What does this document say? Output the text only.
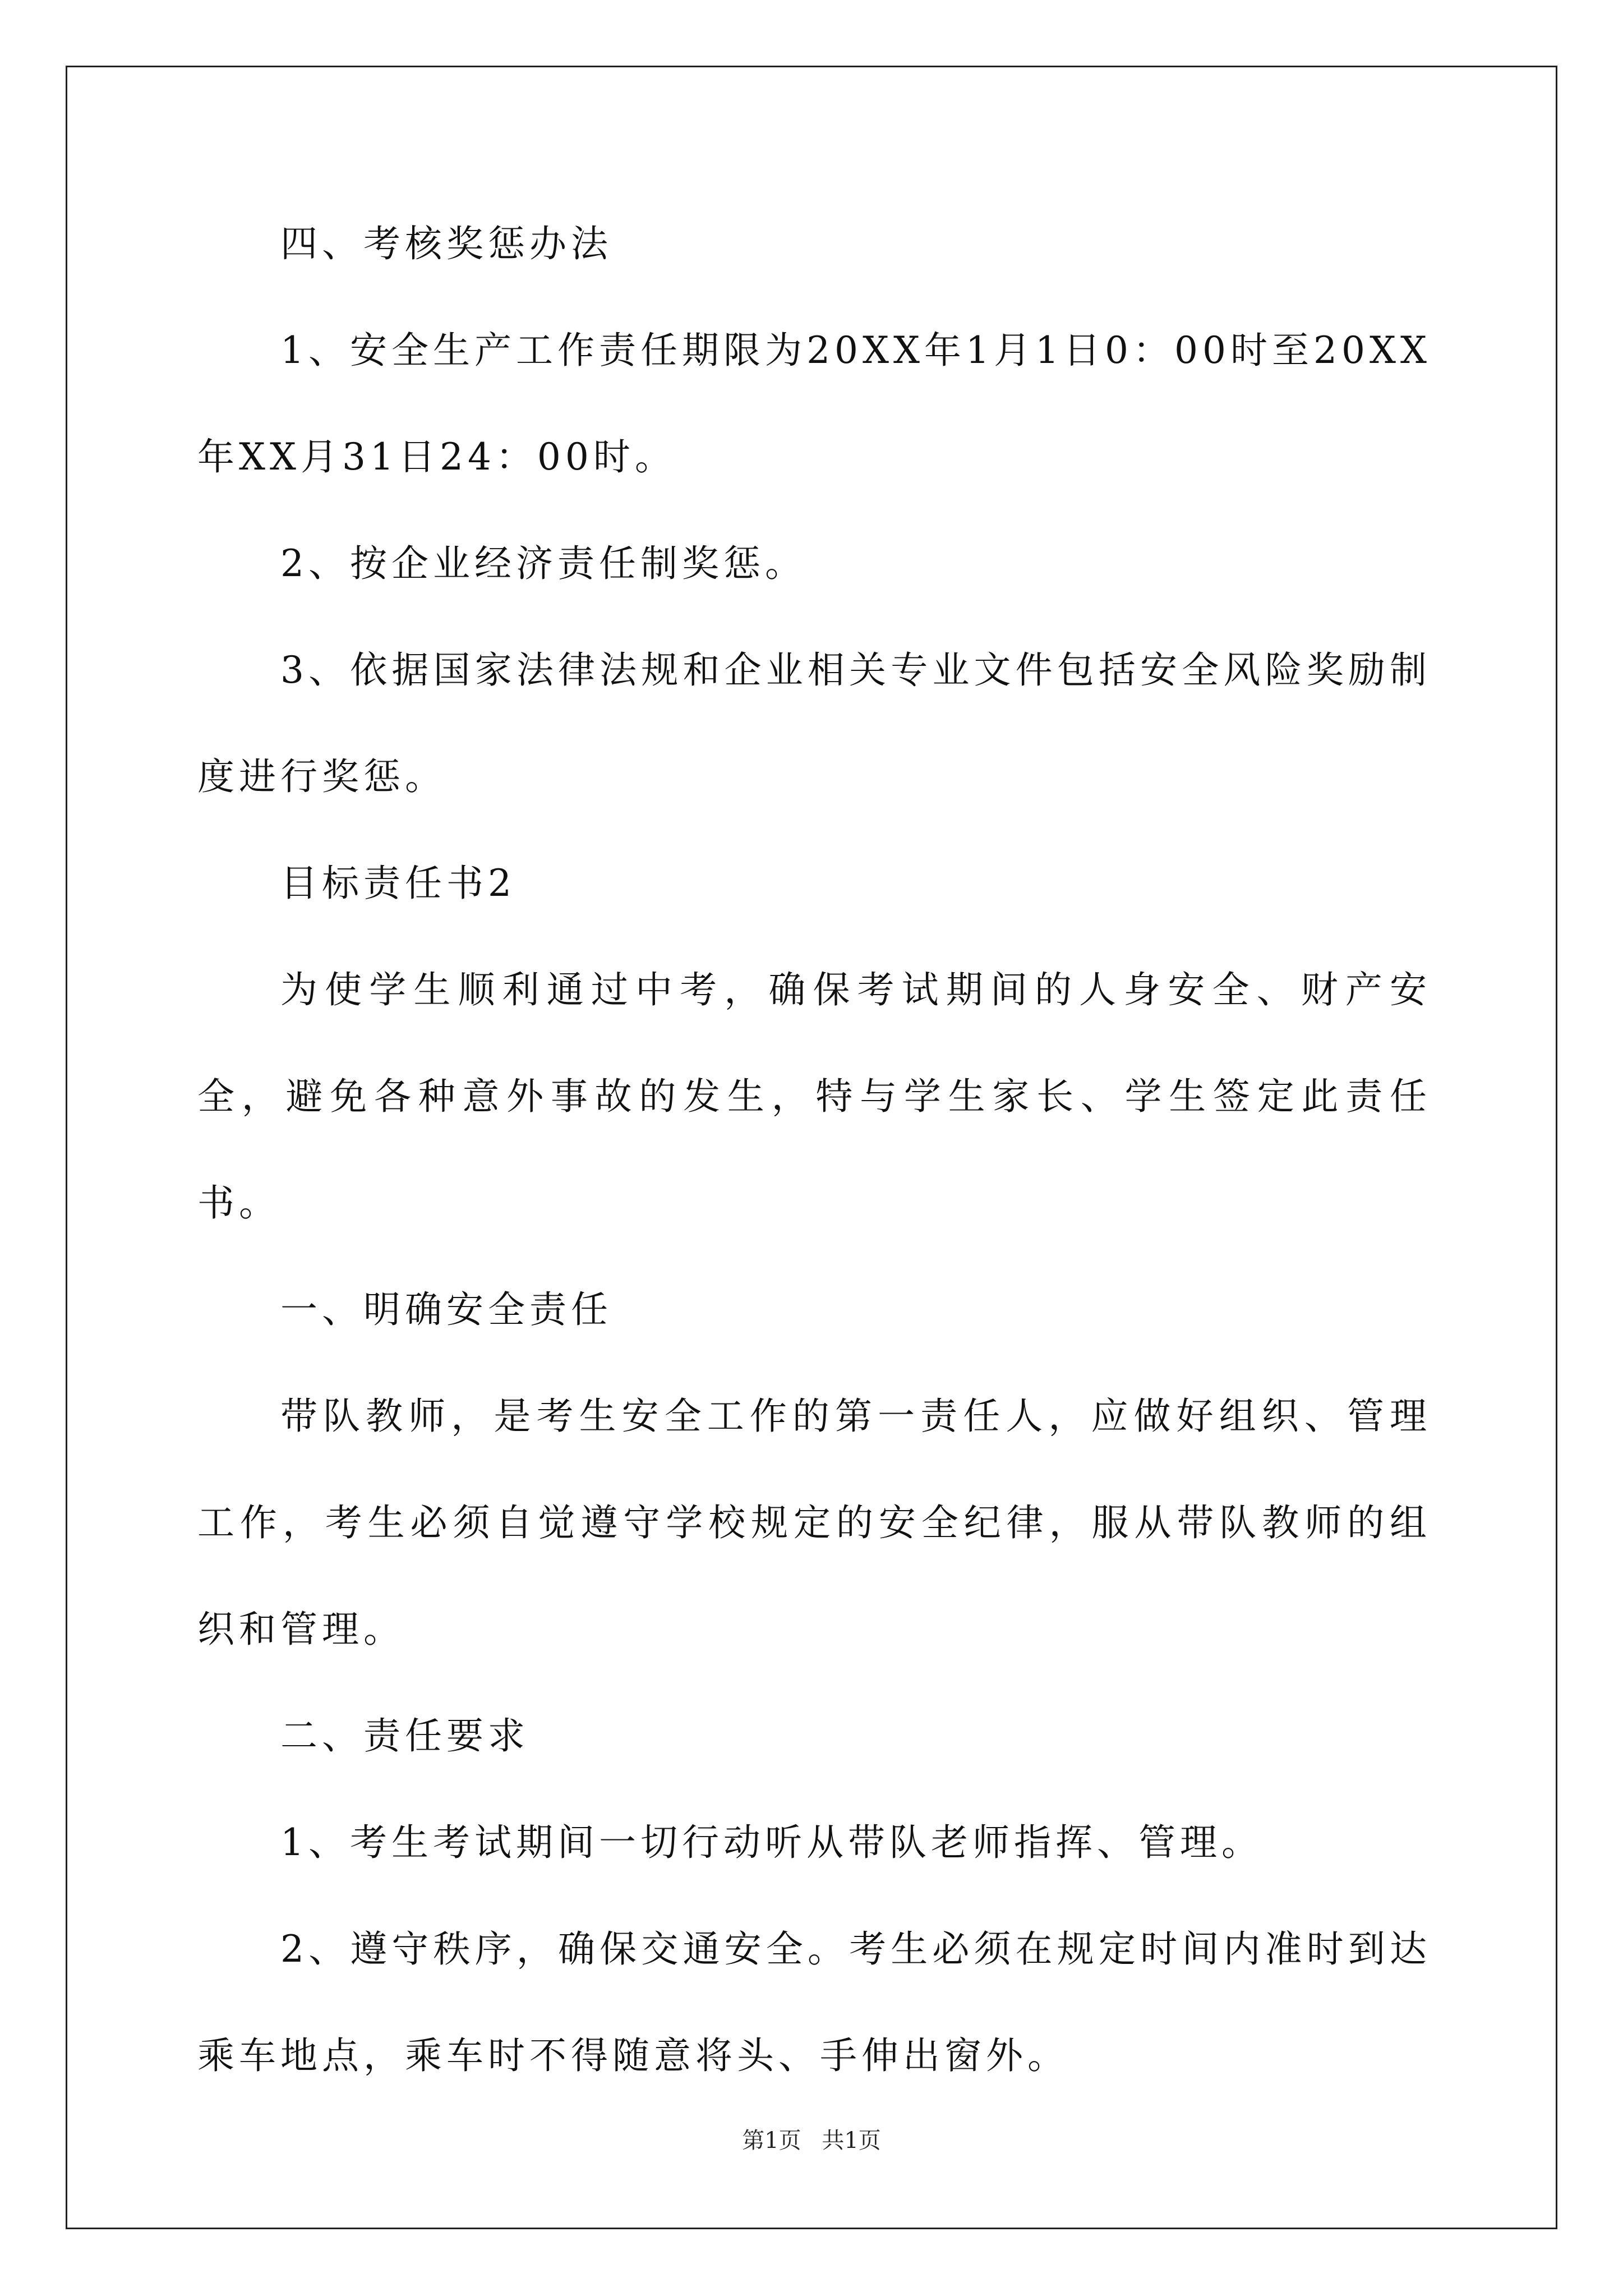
四、考核奖惩办法

1、安全生产工作责任期限为20XX年1月1日0：00时至20XX年XX月31日24：00时。

2、按企业经济责任制奖惩。

3、依据国家法律法规和企业相关专业文件包括安全风险奖励制度进行奖惩。

目标责任书2

为使学生顺利通过中考，确保考试期间的人身安全、财产安全，避免各种意外事故的发生，特与学生家长、学生签定此责任书。

一、明确安全责任

带队教师，是考生安全工作的第一责任人，应做好组织、管理工作，考生必须自觉遵守学校规定的安全纪律，服从带队教师的组织和管理。

二、责任要求

1、考生考试期间一切行动听从带队老师指挥、管理。

2、遵守秩序，确保交通安全。考生必须在规定时间内准时到达乘车地点，乘车时不得随意将头、手伸出窗外。

第1页 共1页
